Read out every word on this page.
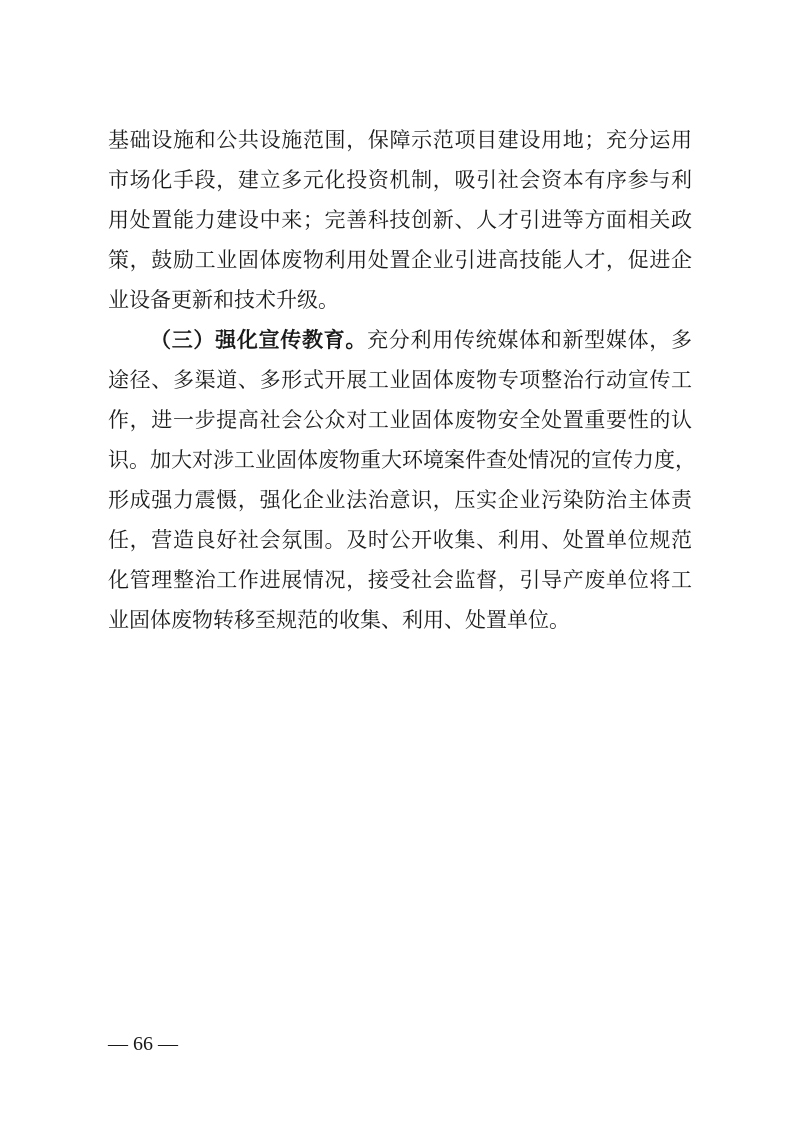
基础设施和公共设施范围，保障示范项目建设用地；充分运用
市场化手段，建立多元化投资机制，吸引社会资本有序参与利
用处置能力建设中来；完善科技创新、人才引进等方面相关政
策，鼓励工业固体废物利用处置企业引进高技能人才，促进企
业设备更新和技术升级。
（三）强化宣传教育。充分利用传统媒体和新型媒体，多
途径、多渠道、多形式开展工业固体废物专项整治行动宣传工
作，进一步提高社会公众对工业固体废物安全处置重要性的认
识。加大对涉工业固体废物重大环境案件查处情况的宣传力度，
形成强力震慑，强化企业法治意识，压实企业污染防治主体责
任，营造良好社会氛围。及时公开收集、利用、处置单位规范
化管理整治工作进展情况，接受社会监督，引导产废单位将工
业固体废物转移至规范的收集、利用、处置单位。
— 66 —
